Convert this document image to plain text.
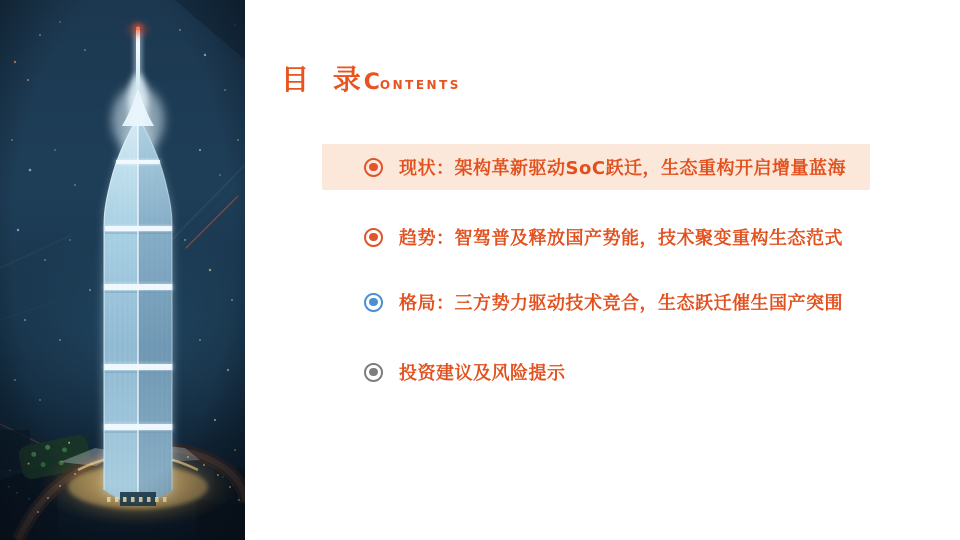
目 录CONTENTS
现状：架构革新驱动SoC跃迁，生态重构开启增量蓝海
趋势：智驾普及释放国产势能，技术聚变重构生态范式
格局：三方势力驱动技术竞合，生态跃迁催生国产突围
投资建议及风险提示
